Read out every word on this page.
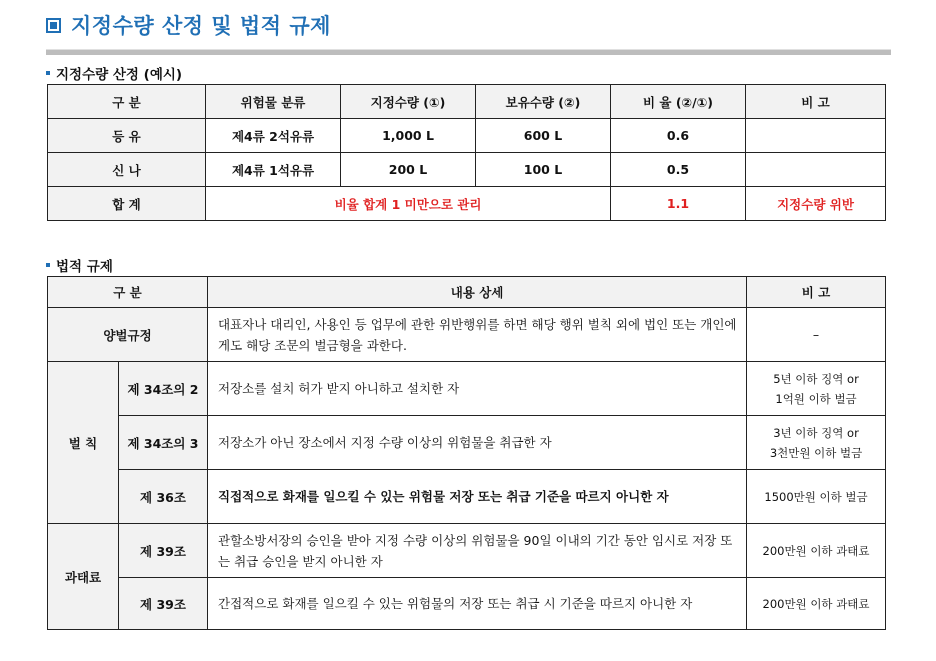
지정수량 산정 및 법적 규제
지정수량 산정 (예시)
구 분	위험물 분류	지정수량 (①)	보유수량 (②)	비 율 (②/①)	비 고
등 유	제4류 2석유류	1,000 L	600 L	0.6	
신 나	제4류 1석유류	200 L	100 L	0.5	
합 계	비율 합계 1 미만으로 관리			1.1	지정수량 위반
법적 규제
구 분		내용 상세	비 고
양벌규정		대표자나 대리인, 사용인 등 업무에 관한 위반행위를 하면 해당 행위 벌칙 외에 법인 또는 개인에게도 해당 조문의 벌금형을 과한다.	–
벌 칙	제 34조의 2	저장소를 설치 허가 받지 아니하고 설치한 자	5년 이하 징역 or
1억원 이하 벌금

	제 34조의 3	저장소가 아닌 장소에서 지정 수량 이상의 위험물을 취급한 자	3년 이하 징역 or
3천만원 이하 벌금

	제 36조	직접적으로 화재를 일으킬 수 있는 위험물 저장 또는 취급 기준을 따르지 아니한 자	1500만원 이하 벌금
과태료	제 39조	관할소방서장의 승인을 받아 지정 수량 이상의 위험물을 90일 이내의 기간 동안 임시로 저장 또는 취급 승인을 받지 아니한 자	200만원 이하 과태료
	제 39조	간접적으로 화재를 일으킬 수 있는 위험물의 저장 또는 취급 시 기준을 따르지 아니한 자	200만원 이하 과태료
